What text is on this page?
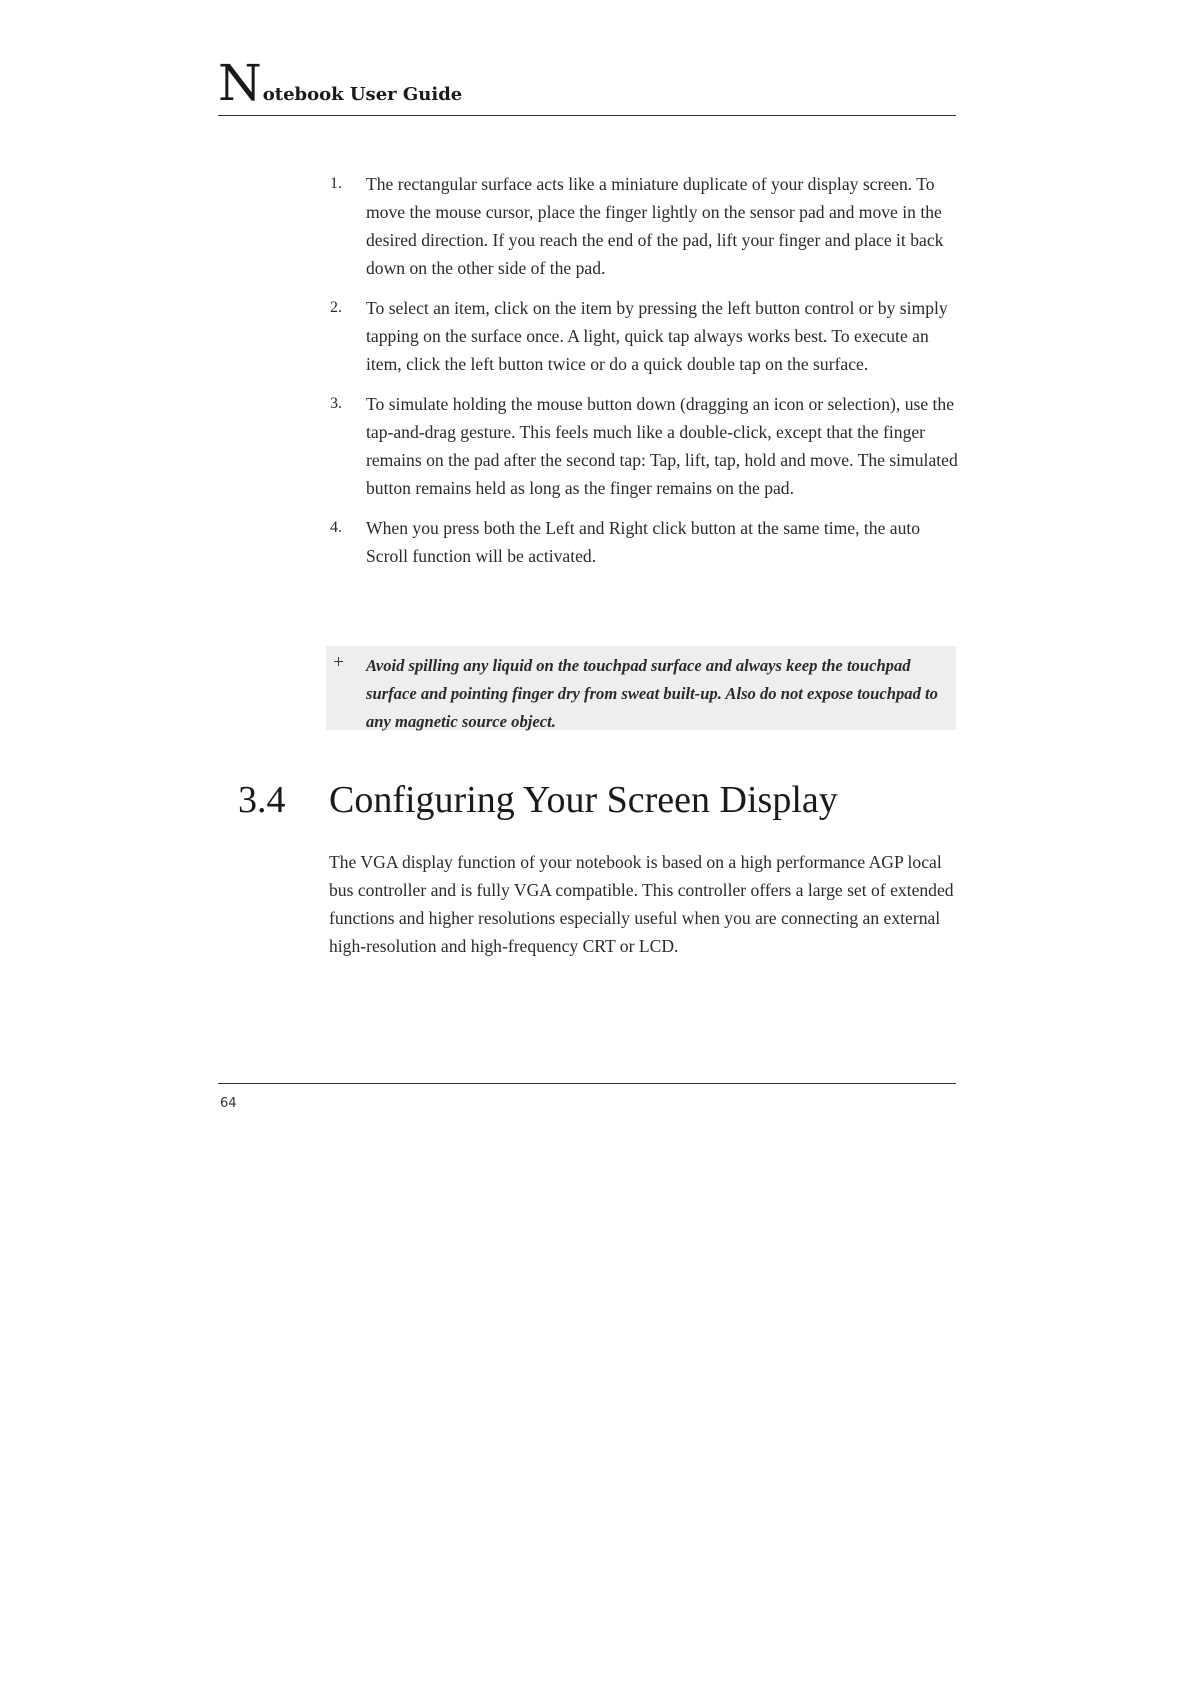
Notebook User Guide
1. The rectangular surface acts like a miniature duplicate of your display screen. To move the mouse cursor, place the finger lightly on the sensor pad and move in the desired direction. If you reach the end of the pad, lift your finger and place it back down on the other side of the pad.
2. To select an item, click on the item by pressing the left button control or by simply tapping on the surface once. A light, quick tap always works best. To execute an item, click the left button twice or do a quick double tap on the surface.
3. To simulate holding the mouse button down (dragging an icon or selection), use the tap-and-drag gesture. This feels much like a double-click, except that the finger remains on the pad after the second tap: Tap, lift, tap, hold and move. The simulated button remains held as long as the finger remains on the pad.
4. When you press both the Left and Right click button at the same time, the auto Scroll function will be activated.
+ Avoid spilling any liquid on the touchpad surface and always keep the touchpad surface and pointing finger dry from sweat built-up. Also do not expose touchpad to any magnetic source object.
3.4 Configuring Your Screen Display

The VGA display function of your notebook is based on a high performance AGP local bus controller and is fully VGA compatible. This controller offers a large set of extended functions and higher resolutions especially useful when you are connecting an external high-resolution and high-frequency CRT or LCD.

64
